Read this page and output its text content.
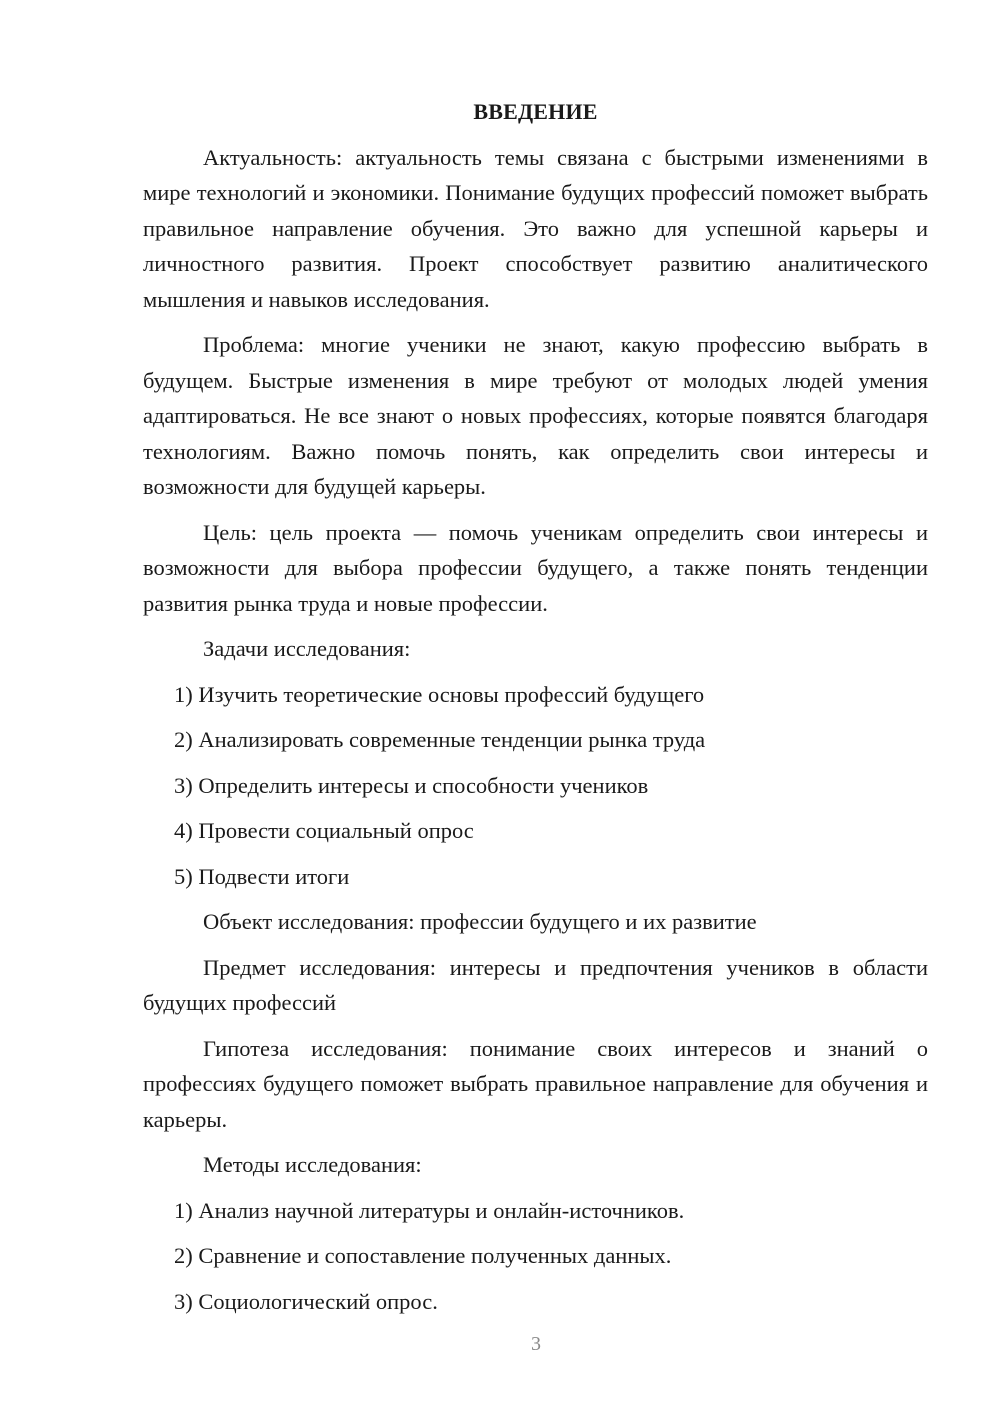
ВВЕДЕНИЕ

Актуальность: актуальность темы связана с быстрыми изменениями в мире технологий и экономики. Понимание будущих профессий поможет выбрать правильное направление обучения. Это важно для успешной карьеры и личностного развития. Проект способствует развитию аналитического мышления и навыков исследования.

Проблема: многие ученики не знают, какую профессию выбрать в будущем. Быстрые изменения в мире требуют от молодых людей умения адаптироваться. Не все знают о новых профессиях, которые появятся благодаря технологиям. Важно помочь понять, как определить свои интересы и возможности для будущей карьеры.

Цель: цель проекта — помочь ученикам определить свои интересы и возможности для выбора профессии будущего, а также понять тенденции развития рынка труда и новые профессии.

Задачи исследования:
1) Изучить теоретические основы профессий будущего
2) Анализировать современные тенденции рынка труда
3) Определить интересы и способности учеников
4) Провести социальный опрос
5) Подвести итоги
Объект исследования: профессии будущего и их развитие

Предмет исследования: интересы и предпочтения учеников в области будущих профессий

Гипотеза исследования: понимание своих интересов и знаний о профессиях будущего поможет выбрать правильное направление для обучения и карьеры.

Методы исследования:
1) Анализ научной литературы и онлайн-источников.
2) Сравнение и сопоставление полученных данных.
3) Социологический опрос.
3
